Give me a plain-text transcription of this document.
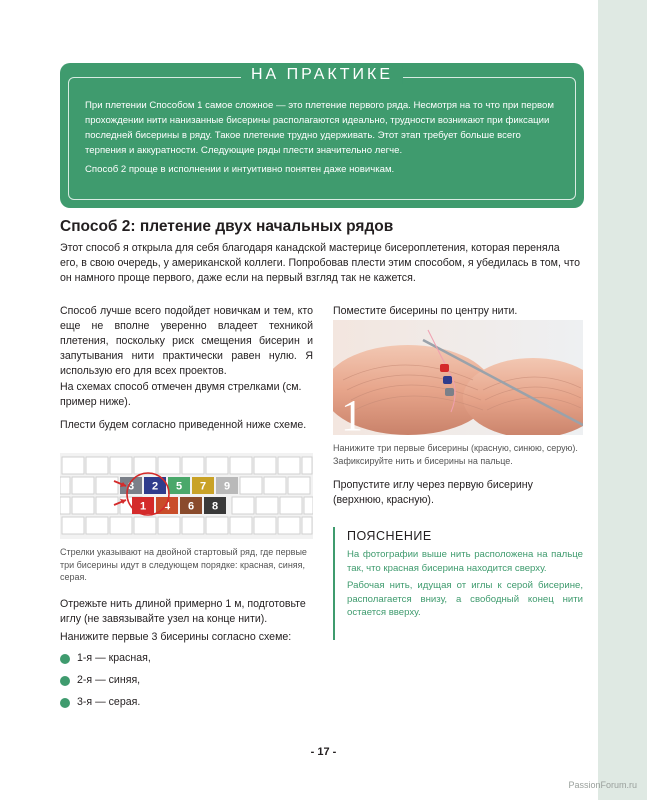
НА ПРАКТИКЕ

При плетении Способом 1 самое сложное — это плетение первого ряда. Несмотря на то что при первом прохождении нити нанизанные бисерины располагаются идеально, трудности возникают при фиксации последней бисерины в ряду. Такое плетение трудно удерживать. Этот этап требует больше всего терпения и аккуратности. Следующие ряды плести значительно легче.

Способ 2 проще в исполнении и интуитивно понятен даже новичкам.

Способ 2: плетение двух начальных рядов
Этот способ я открыла для себя благодаря канадской мастерице бисероплетения, которая переняла его, в свою очередь, у американской коллеги. Попробовав плести этим способом, я убедилась в том, что он намного проще первого, даже если на первый взгляд так не кажется.
Способ лучше всего подойдет новичкам и тем, кто еще не вполне уверенно владеет техникой плетения, поскольку риск смещения бисерин и запутывания нити практически равен нулю. Я использую его для всех проектов.
На схемах способ отмечен двумя стрелками (см. пример ниже).
Плести будем согласно приведенной ниже схеме.
3 2 5 7 9
1 4 6 8
Стрелки указывают на двойной стартовый ряд, где первые три бисерины идут в следующем порядке: красная, синяя, серая.
Отрежьте нить длиной примерно 1 м, подготовьте иглу (не завязывайте узел на конце нити).
Нанижите первые 3 бисерины согласно схеме:
1-я — красная,
2-я — синяя,
3-я — серая.
Поместите бисерины по центру нити.
1
Нанижите три первые бисерины (красную, синюю, серую). Зафиксируйте нить и бисерины на пальце.
Пропустите иглу через первую бисерину (верхнюю, красную).
ПОЯСНЕНИЕ

На фотографии выше нить расположена на пальце так, что красная бисерина находится сверху.

Рабочая нить, идущая от иглы к серой бисерине, располагается внизу, а свободный конец нити остается вверху.

- 17 -
PassionForum.ru
